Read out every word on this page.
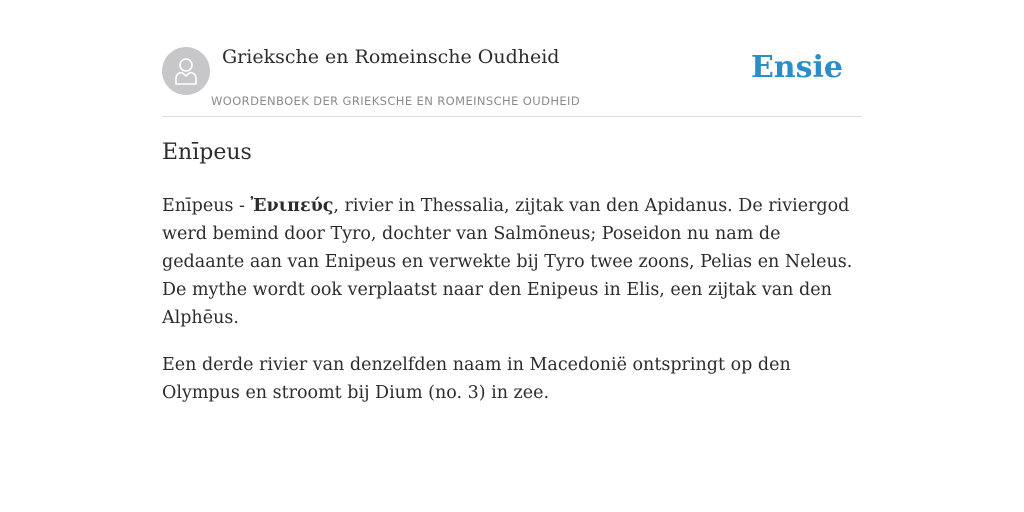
Grieksche en Romeinsche Oudheid
WOORDENBOEK DER GRIEKSCHE EN ROMEINSCHE OUDHEID
Ensie
Enīpeus

Enīpeus - Ἐνιπεύς, rivier in Thessalia, zijtak van den Apidanus. De riviergod werd bemind door Tyro, dochter van Salmōneus; Poseidon nu nam de gedaante aan van Enipeus en verwekte bij Tyro twee zoons, Pelias en Neleus. De mythe wordt ook verplaatst naar den Enipeus in Elis, een zijtak van den Alphēus.

Een derde rivier van denzelfden naam in Macedonië ontspringt op den Olympus en stroomt bij Dium (no. 3) in zee.
